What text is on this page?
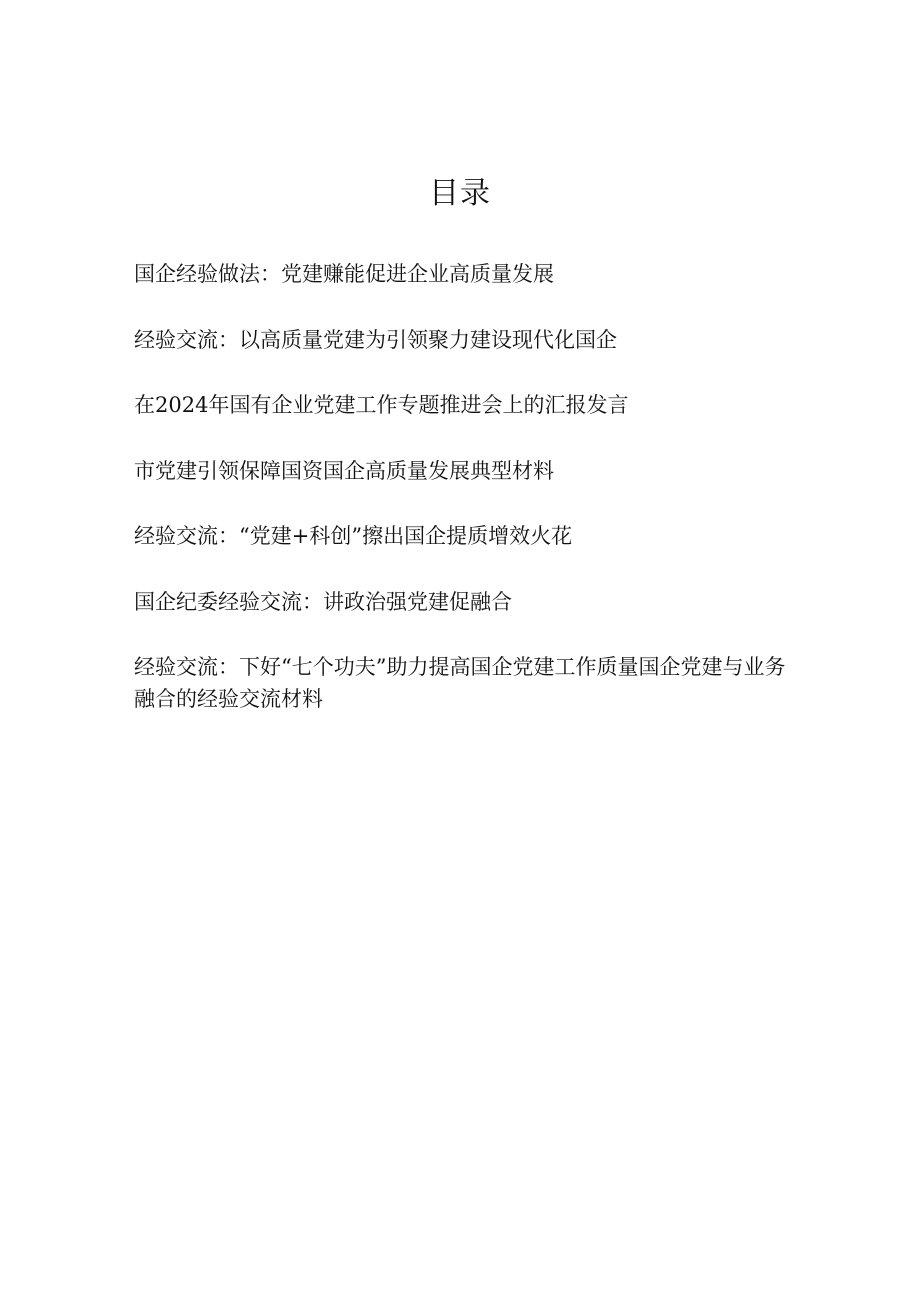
目录
国企经验做法：党建赚能促进企业高质量发展
经验交流：以高质量党建为引领聚力建设现代化国企
在2024年国有企业党建工作专题推进会上的汇报发言
市党建引领保障国资国企高质量发展典型材料
经验交流：“党建+科创”擦出国企提质增效火花
国企纪委经验交流：讲政治强党建促融合
经验交流：下好“七个功夫”助力提高国企党建工作质量国企党建与业务融合的经验交流材料
